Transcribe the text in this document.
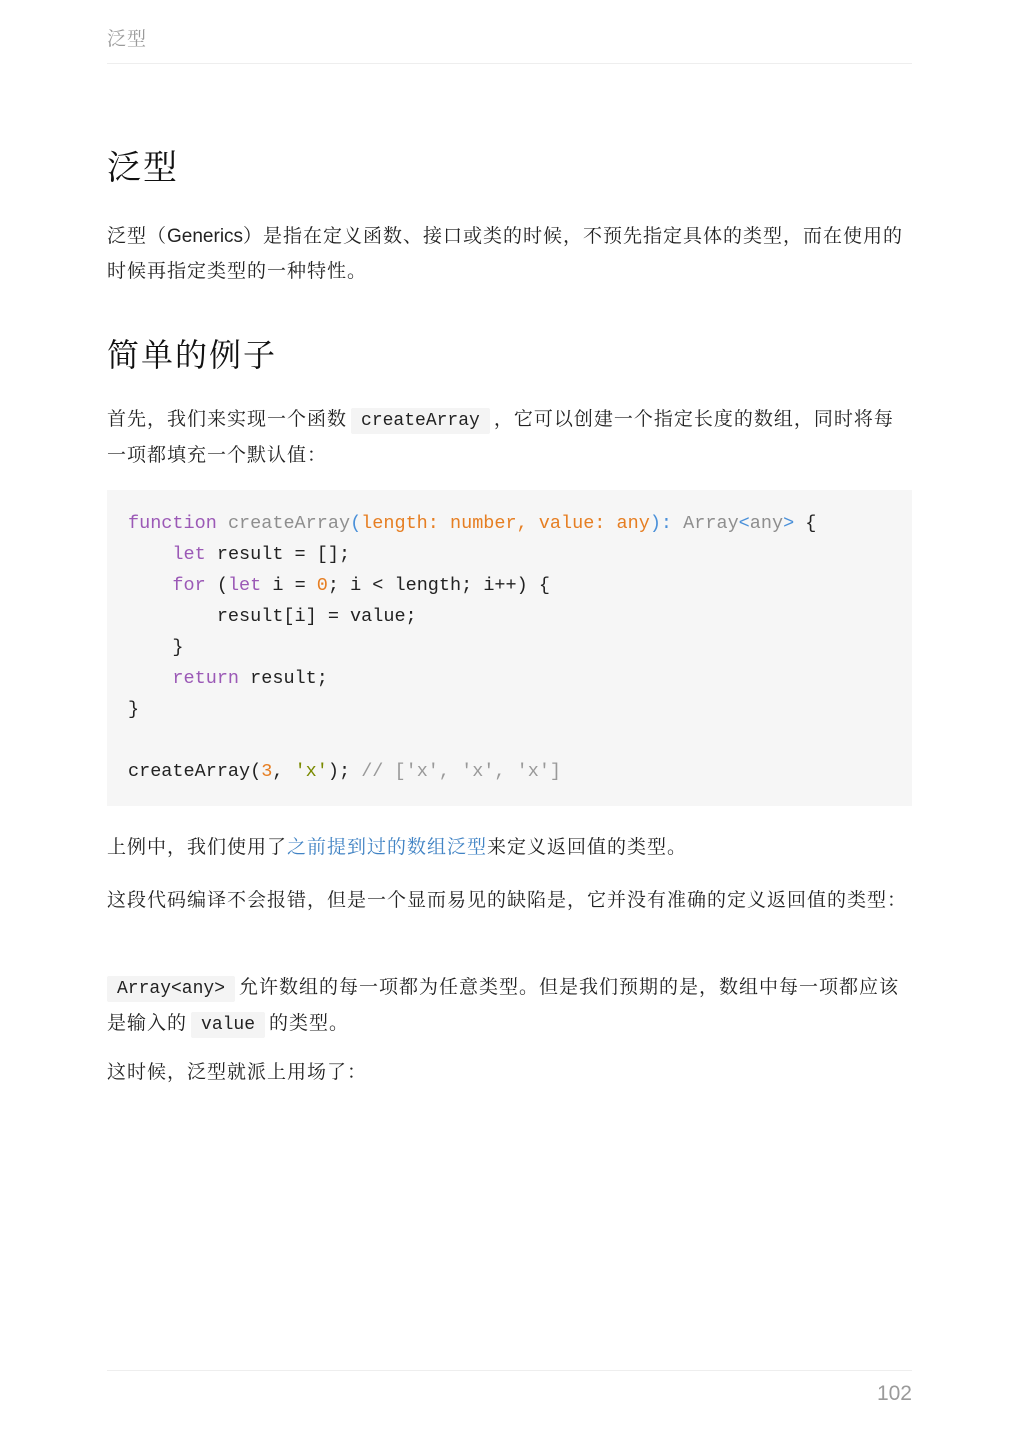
泛型
泛型

泛型（Generics）是指在定义函数、接口或类的时候，不预先指定具体的类型，而在使用的时候再指定类型的一种特性。

简单的例子

首先，我们来实现一个函数 createArray ，它可以创建一个指定长度的数组，同时将每一项都填充一个默认值：

function createArray(length: number, value: any): Array<any> {
let result = [];
for (let i = 0; i < length; i++) {
result[i] = value;
}
return result;
}
createArray(3, 'x'); // ['x', 'x', 'x']

上例中，我们使用了之前提到过的数组泛型来定义返回值的类型。

这段代码编译不会报错，但是一个显而易见的缺陷是，它并没有准确的定义返回值的类型：

Array<any> 允许数组的每一项都为任意类型。但是我们预期的是，数组中每一项都应该是输入的 value 的类型。

这时候，泛型就派上用场了：

102
